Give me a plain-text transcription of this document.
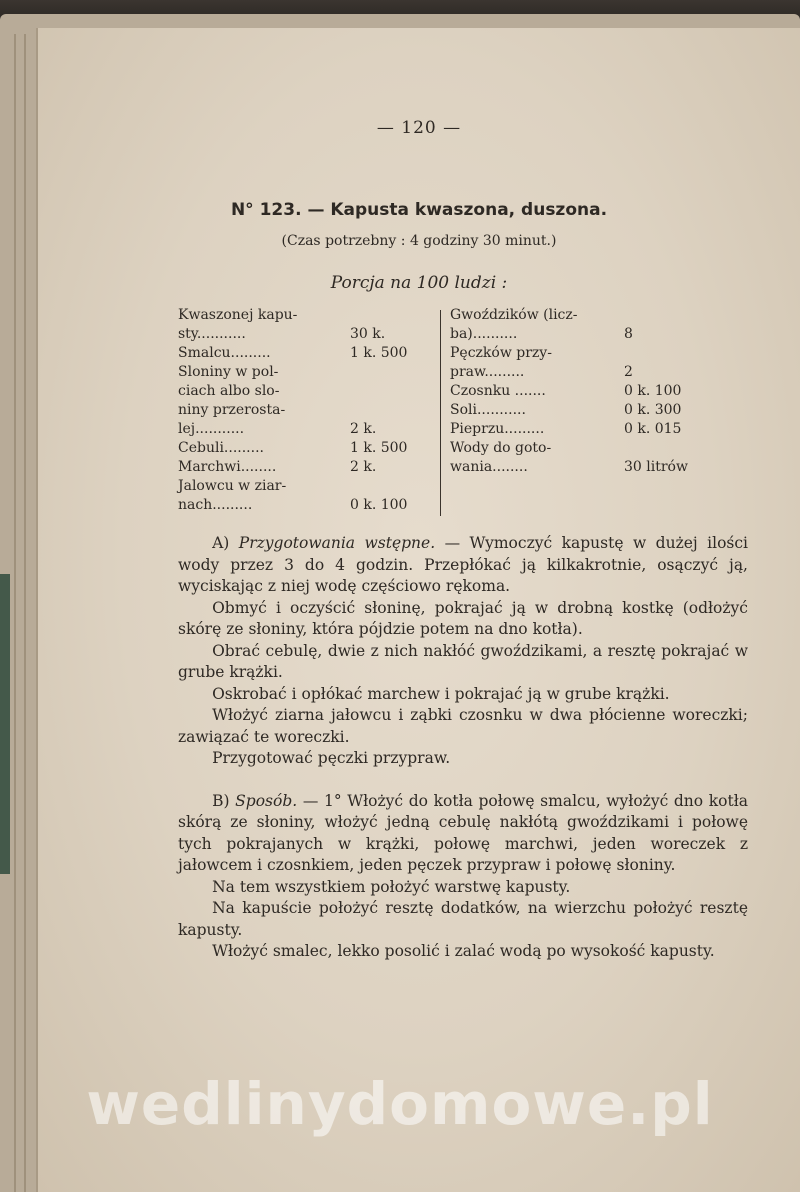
— 120 —
N° 123. — Kapusta kwaszona, duszona.
(Czas potrzebny : 4 godziny 30 minut.)
Porcja na 100 ludzi :
Kwaszonej kapu-
sty...........	30 k.
Smalcu.........	1 k. 500
Sloniny w pol-
ciach albo slo-
niny przerosta-
lej...........	2 k.
Cebuli.........	1 k. 500
Marchwi........	2 k.
Jalowcu w ziar-
nach.........	0 k. 100
Gwoździków (licz-
ba)..........	8
Pęczków przy-
praw.........	2
Czosnku .......	0 k. 100
Soli...........	0 k. 300
Pieprzu.........	0 k. 015
Wody do goto-
wania........	30 litrów

A) Przygotowania wstępne. — Wymoczyć kapustę w dużej ilości wody przez 3 do 4 godzin. Przepłókać ją kilkakrotnie, osączyć ją, wyciskając z niej wodę częściowo rękoma.

Obmyć i oczyścić słoninę, pokrajać ją w drobną kostkę (odłożyć skórę ze słoniny, która pójdzie potem na dno kotła).

Obrać cebulę, dwie z nich nakłóć gwoździkami, a resztę pokrajać w grube krążki.

Oskrobać i opłókać marchew i pokrajać ją w grube krążki.

Włożyć ziarna jałowcu i ząbki czosnku w dwa płócienne woreczki; zawiązać te woreczki.

Przygotować pęczki przypraw.

B) Sposób. — 1° Włożyć do kotła połowę smalcu, wyłożyć dno kotła skórą ze słoniny, włożyć jedną cebulę nakłótą gwoździkami i połowę tych pokrajanych w krążki, połowę marchwi, jeden woreczek z jałowcem i czosnkiem, jeden pęczek przypraw i połowę słoniny.

Na tem wszystkiem położyć warstwę kapusty.

Na kapuście położyć resztę dodatków, na wierzchu położyć resztę kapusty.

Włożyć smalec, lekko posolić i zalać wodą po wysokość kapusty.

wedlinydomowe.pl
